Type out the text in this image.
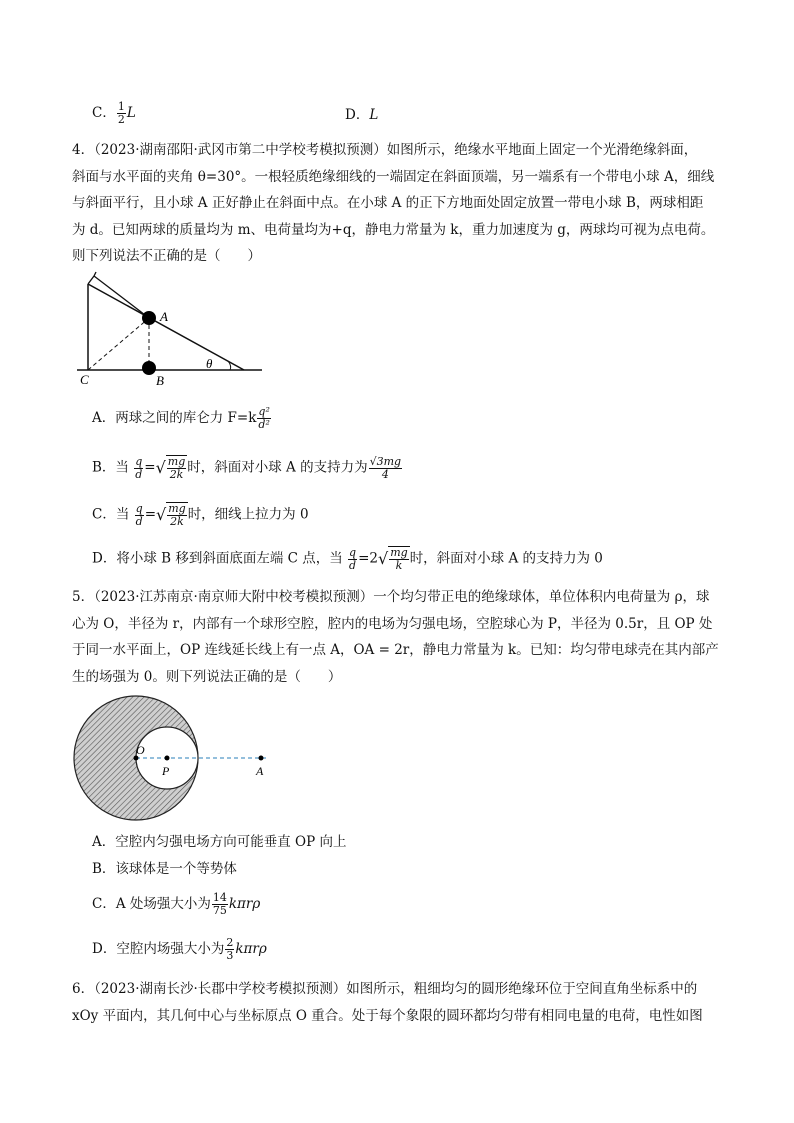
C． $\frac{1}{2}$ L	D．L
4．（2023·湖南邵阳·武冈市第二中学校考模拟预测）如图所示，绝缘水平地面上固定一个光滑绝缘斜面，
斜面与水平面的夹角 θ=30°。一根轻质绝缘细线的一端固定在斜面顶端，另一端系有一个带电小球 A，细线
与斜面平行，且小球 A 正好静止在斜面中点。在小球 A 的正下方地面处固定放置一带电小球 B，两球相距
为 d。已知两球的质量均为 m、电荷量均为+q，静电力常量为 k，重力加速度为 g，两球均可视为点电荷。
则下列说法不正确的是（　　）
A
B
C
θ
A．两球之间的库仑力 $F=k \frac{\text{q²}}{\text{d²}}$
B．当 $\frac{q}{d}$ =√ $\frac{mg}{2k}$ 时，斜面对小球 A 的支持力为 $\frac{√3mg}{4}$
C．当 $\frac{q}{d}$ =√ $\frac{mg}{2k}$ 时，细线上拉力为 0
D．将小球 B 移到斜面底面左端 C 点，当 $\frac{q}{d} =2√ \frac{mg}{k}$ 时，斜面对小球 A 的支持力为 0
5．（2023·江苏南京·南京师大附中校考模拟预测）一个均匀带正电的绝缘球体，单位体积内电荷量为 ρ，球
心为 O，半径为 r，内部有一个球形空腔，腔内的电场为匀强电场，空腔球心为 P，半径为 0.5r，且 OP 处
于同一水平面上，OP 连线延长线上有一点 A，OA = 2r，静电力常量为 k。已知：均匀带电球壳在其内部产
生的场强为 0。则下列说法正确的是（　　）
O
P	A
A．空腔内匀强电场方向可能垂直 OP 向上
B．该球体是一个等势体
C．A 处场强大小为 $\frac{14}{75}$ kπrρ
D．空腔内场强大小为 $\frac{2}{3}$ kπrρ
6．（2023·湖南长沙·长郡中学校考模拟预测）如图所示，粗细均匀的圆形绝缘环位于空间直角坐标系中的
xOy 平面内，其几何中心与坐标原点 O 重合。处于每个象限的圆环都均匀带有相同电量的电荷，电性如图
